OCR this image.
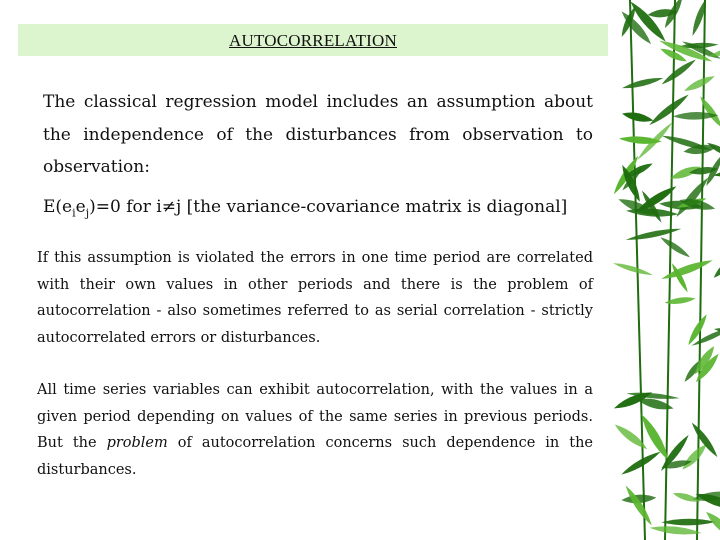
AUTOCORRELATION
The classical regression model includes an assumption about the independence of the disturbances from observation to observation:
$E(e_ie_j)=0$ for i≠j [the variance-covariance matrix is diagonal]
If this assumption is violated the errors in one time period are correlated with their own values in other periods and there is the problem of autocorrelation - also sometimes referred to as serial correlation - strictly autocorrelated errors or disturbances.
All time series variables can exhibit autocorrelation, with the values in a given period depending on values of the same series in previous periods. But the problem of autocorrelation concerns such dependence in the disturbances.
